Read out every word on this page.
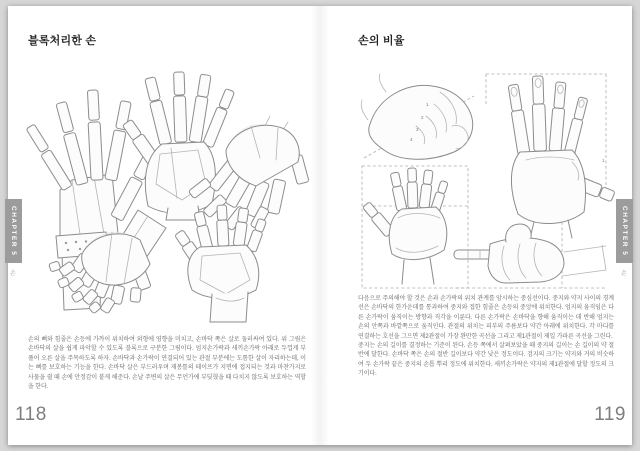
블록처리한 손
손의 뼈와 힘줄은 손등에 가까이 위치하여 외형에 영향을 미치고, 손바닥 쪽은 살로 둘러싸여 있다. 위 그림은 손바닥의 살을 쉽게 파악할 수 있도록 블록으로 구분한 그림이다. 엄지손가락과 새끼손가락 아래로 두껍게 부풀어 오른 살을 주목하도록 하자. 손바닥과 손가락이 연결되어 있는 관절 부분에는 도톰한 살이 자리하는데, 이는 뼈를 보호하는 기능을 한다. 손바닥 살은 부드러우며 재봉틀의 테이프가 지면에 접지되는 것과 마찬가지로 사물을 쥘 때 손에 안정감이 붙게 해준다. 손날 주변의 살은 무언가에 부딪혔을 때 다치지 않도록 보호하는 역할을 한다.
118
손의 비율
1
2
3
4
1

다음으로 주의해야 할 것은 손과 손가락의 위치 관계를 암시하는 중심선이다. 중지와 약지 사이의 경계선은 손바닥의 한가운데를 통과하여 중지와 접한 힘줄은 손등의 중앙에 위치한다. 엄지의 움직임은 다른 손가락이 움직이는 방향과 직각을 이룬다. 다른 손가락은 손바닥을 향해 움직이는 데 반해 엄지는 손의 안쪽과 바깥쪽으로 움직인다. 관절의 위치는 피부의 주름보다 약간 아래에 위치한다. 각 마디를 연결하는 호선을 그으면 제2관절이 가장 완만한 곡선을 그리고 제1관절이 제일 가파른 곡선을 그린다.

중지는 손의 길이를 결정하는 기준이 된다. 손등 쪽에서 살펴보았을 때 중지의 길이는 손 길이의 약 절반에 달한다. 손바닥 쪽은 손의 절반 길이보다 약간 낮은 정도이다. 검지의 크기는 약지와 거의 비슷하여 두 손가락 끝은 중지의 손톱 뿌리 정도에 위치한다. 새끼손가락은 약지의 제1관절에 달할 정도의 크기이다.

119
CHAPTER 5
손
CHAPTER 5
손
